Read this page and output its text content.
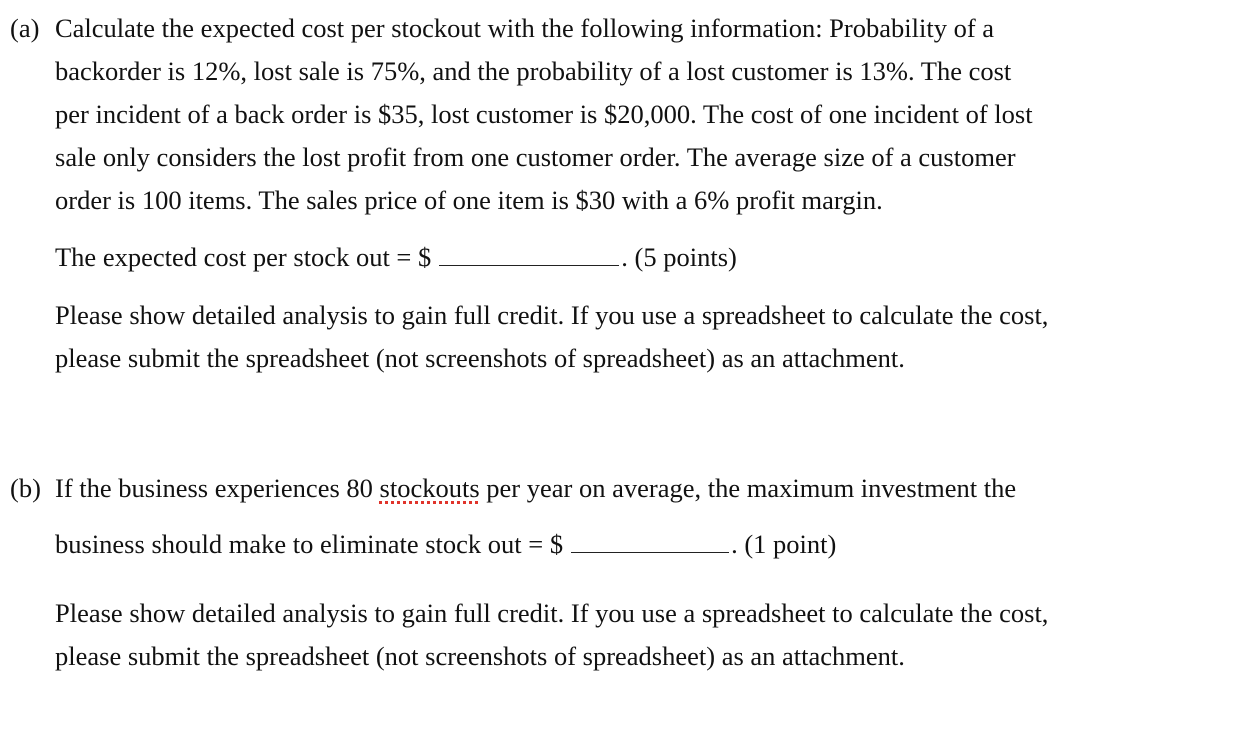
(a) Calculate the expected cost per stockout with the following information: Probability of a
backorder is 12%, lost sale is 75%, and the probability of a lost customer is 13%. The cost
per incident of a back order is $35, lost customer is $20,000. The cost of one incident of lost
sale only considers the lost profit from one customer order. The average size of a customer
order is 100 items. The sales price of one item is $30 with a 6% profit margin.
The expected cost per stock out = $	. (5 points)
Please show detailed analysis to gain full credit. If you use a spreadsheet to calculate the cost,
please submit the spreadsheet (not screenshots of spreadsheet) as an attachment.
(b) If the business experiences 80 stockouts per year on average, the maximum investment the
business should make to eliminate stock out = $	. (1 point)
Please show detailed analysis to gain full credit. If you use a spreadsheet to calculate the cost,
please submit the spreadsheet (not screenshots of spreadsheet) as an attachment.
